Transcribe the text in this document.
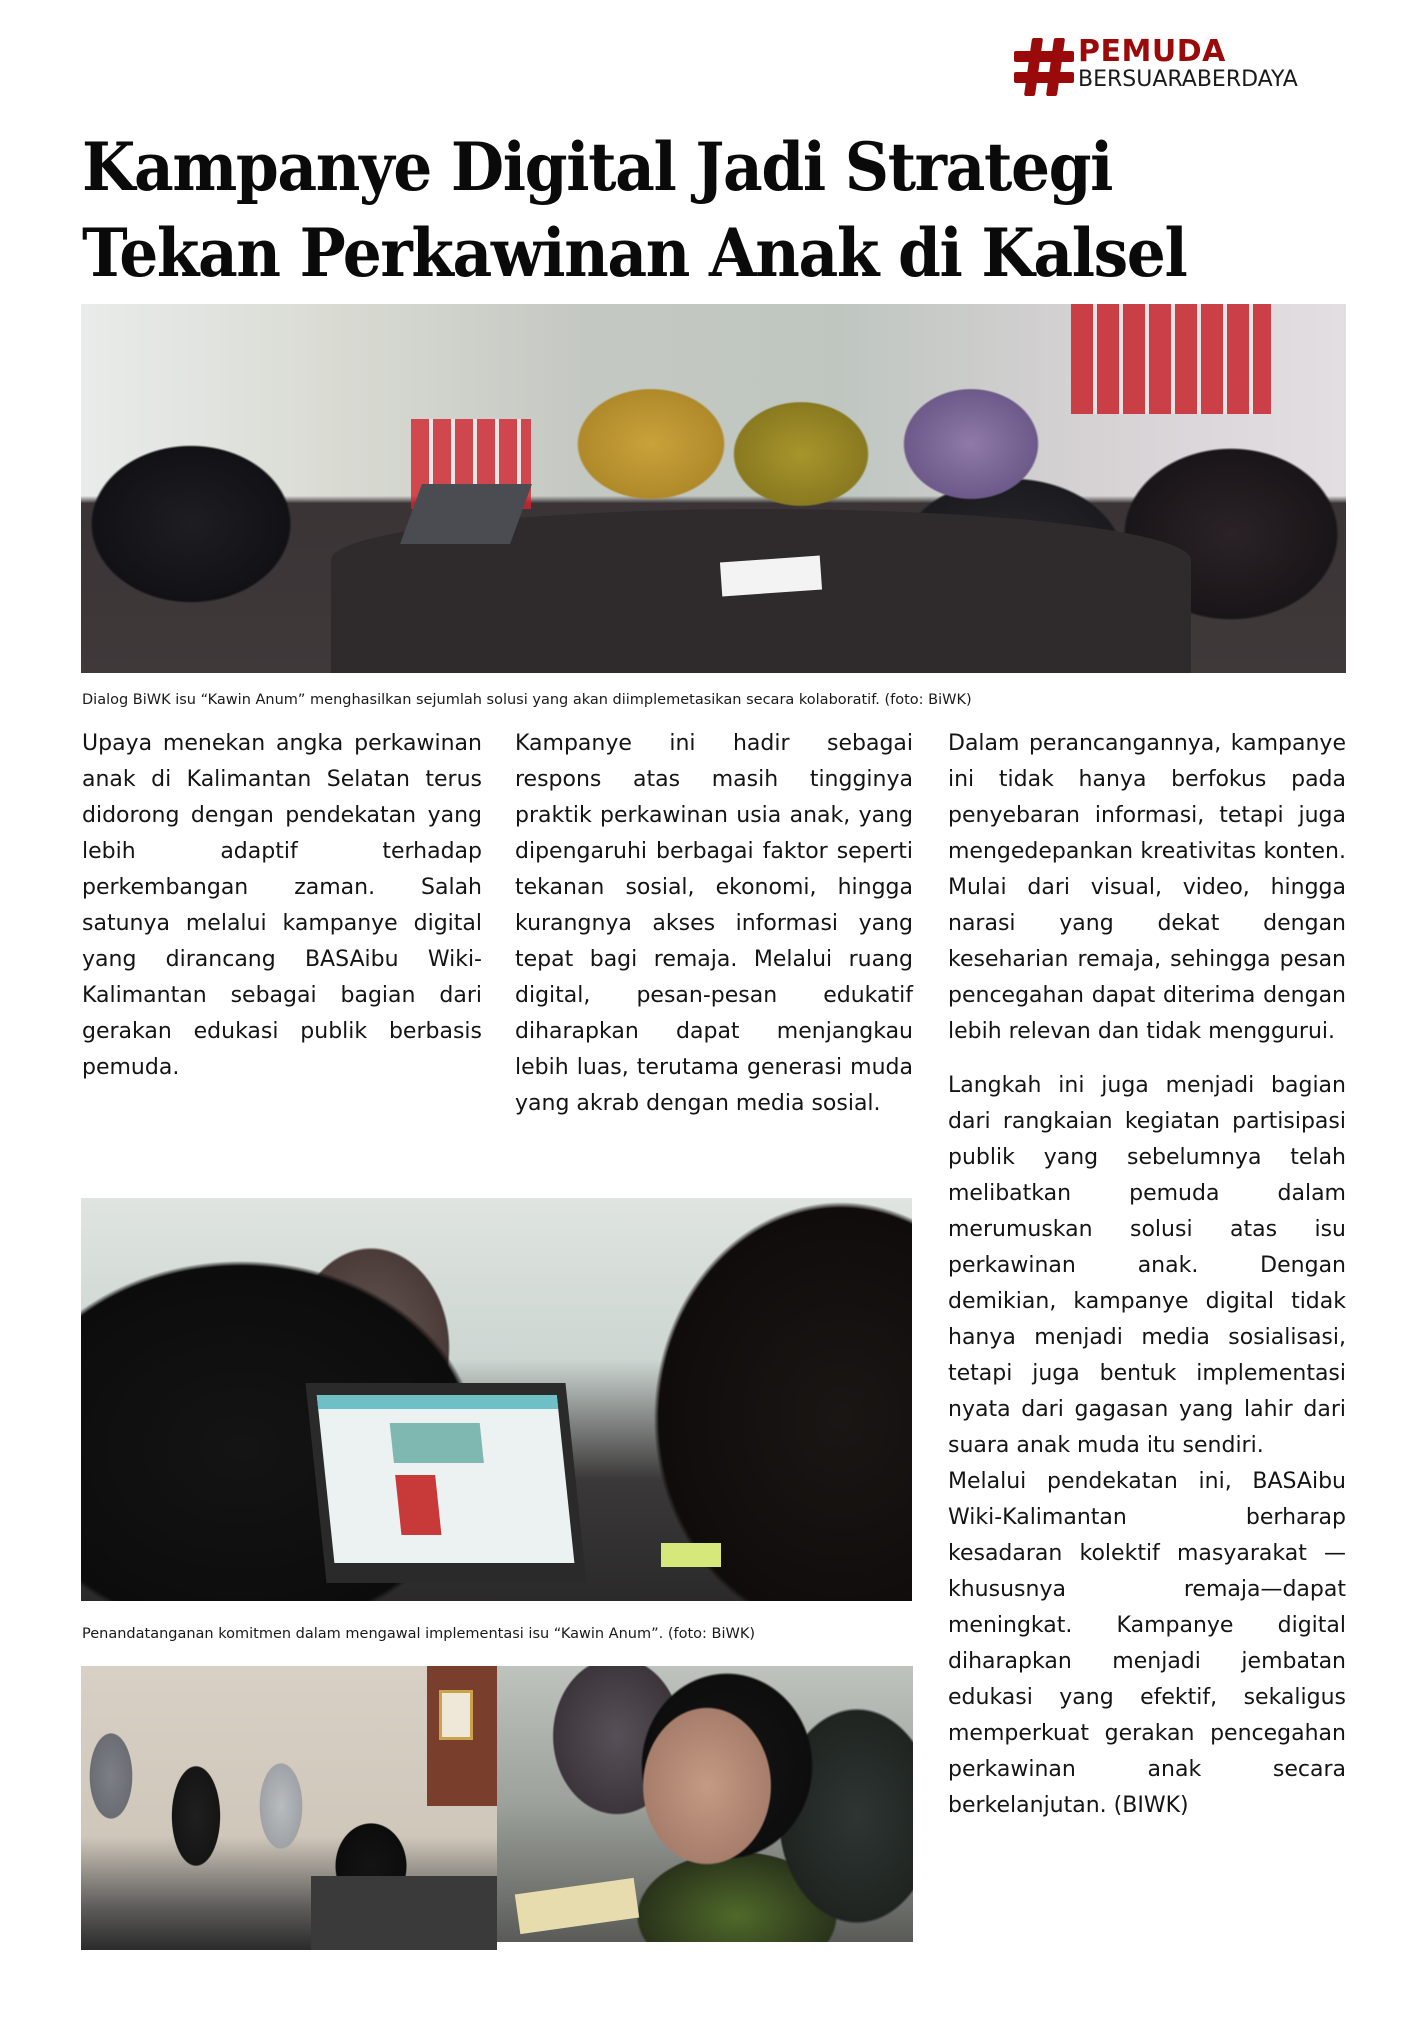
PEMUDA
BERSUARABERDAYA
Kampanye Digital Jadi Strategi
Tekan Perkawinan Anak di Kalsel

Dialog BiWK isu “Kawin Anum” menghasilkan sejumlah solusi yang akan diimplemetasikan secara kolaboratif. (foto: BiWK)

Upaya menekan angka perkawinan anak di Kalimantan Selatan terus didorong dengan pendekatan yang lebih adaptif terhadap perkembangan zaman. Salah satunya melalui kampanye digital yang dirancang BASAibu Wiki-Kalimantan sebagai bagian dari gerakan edukasi publik berbasis pemuda.

Kampanye ini hadir sebagai respons atas masih tingginya praktik perkawinan usia anak, yang dipengaruhi berbagai faktor seperti tekanan sosial, ekonomi, hingga kurangnya akses informasi yang tepat bagi remaja. Melalui ruang digital, pesan-pesan edukatif diharapkan dapat menjangkau lebih luas, terutama generasi muda yang akrab dengan media sosial.

Dalam perancangannya, kampanye ini tidak hanya berfokus pada penyebaran informasi, tetapi juga mengedepankan kreativitas konten. Mulai dari visual, video, hingga narasi yang dekat dengan keseharian remaja, sehingga pesan pencegahan dapat diterima dengan lebih relevan dan tidak menggurui.

Langkah ini juga menjadi bagian dari rangkaian kegiatan partisipasi publik yang sebelumnya telah melibatkan pemuda dalam merumuskan solusi atas isu perkawinan anak. Dengan demikian, kampanye digital tidak hanya menjadi media sosialisasi, tetapi juga bentuk implementasi nyata dari gagasan yang lahir dari suara anak muda itu sendiri.

Melalui pendekatan ini, BASAibu Wiki-Kalimantan berharap kesadaran kolektif masyarakat —khususnya remaja—dapat meningkat. Kampanye digital diharapkan menjadi jembatan edukasi yang efektif, sekaligus memperkuat gerakan pencegahan perkawinan anak secara berkelanjutan. (BIWK)

Penandatanganan komitmen dalam mengawal implementasi isu “Kawin Anum”. (foto: BiWK)
